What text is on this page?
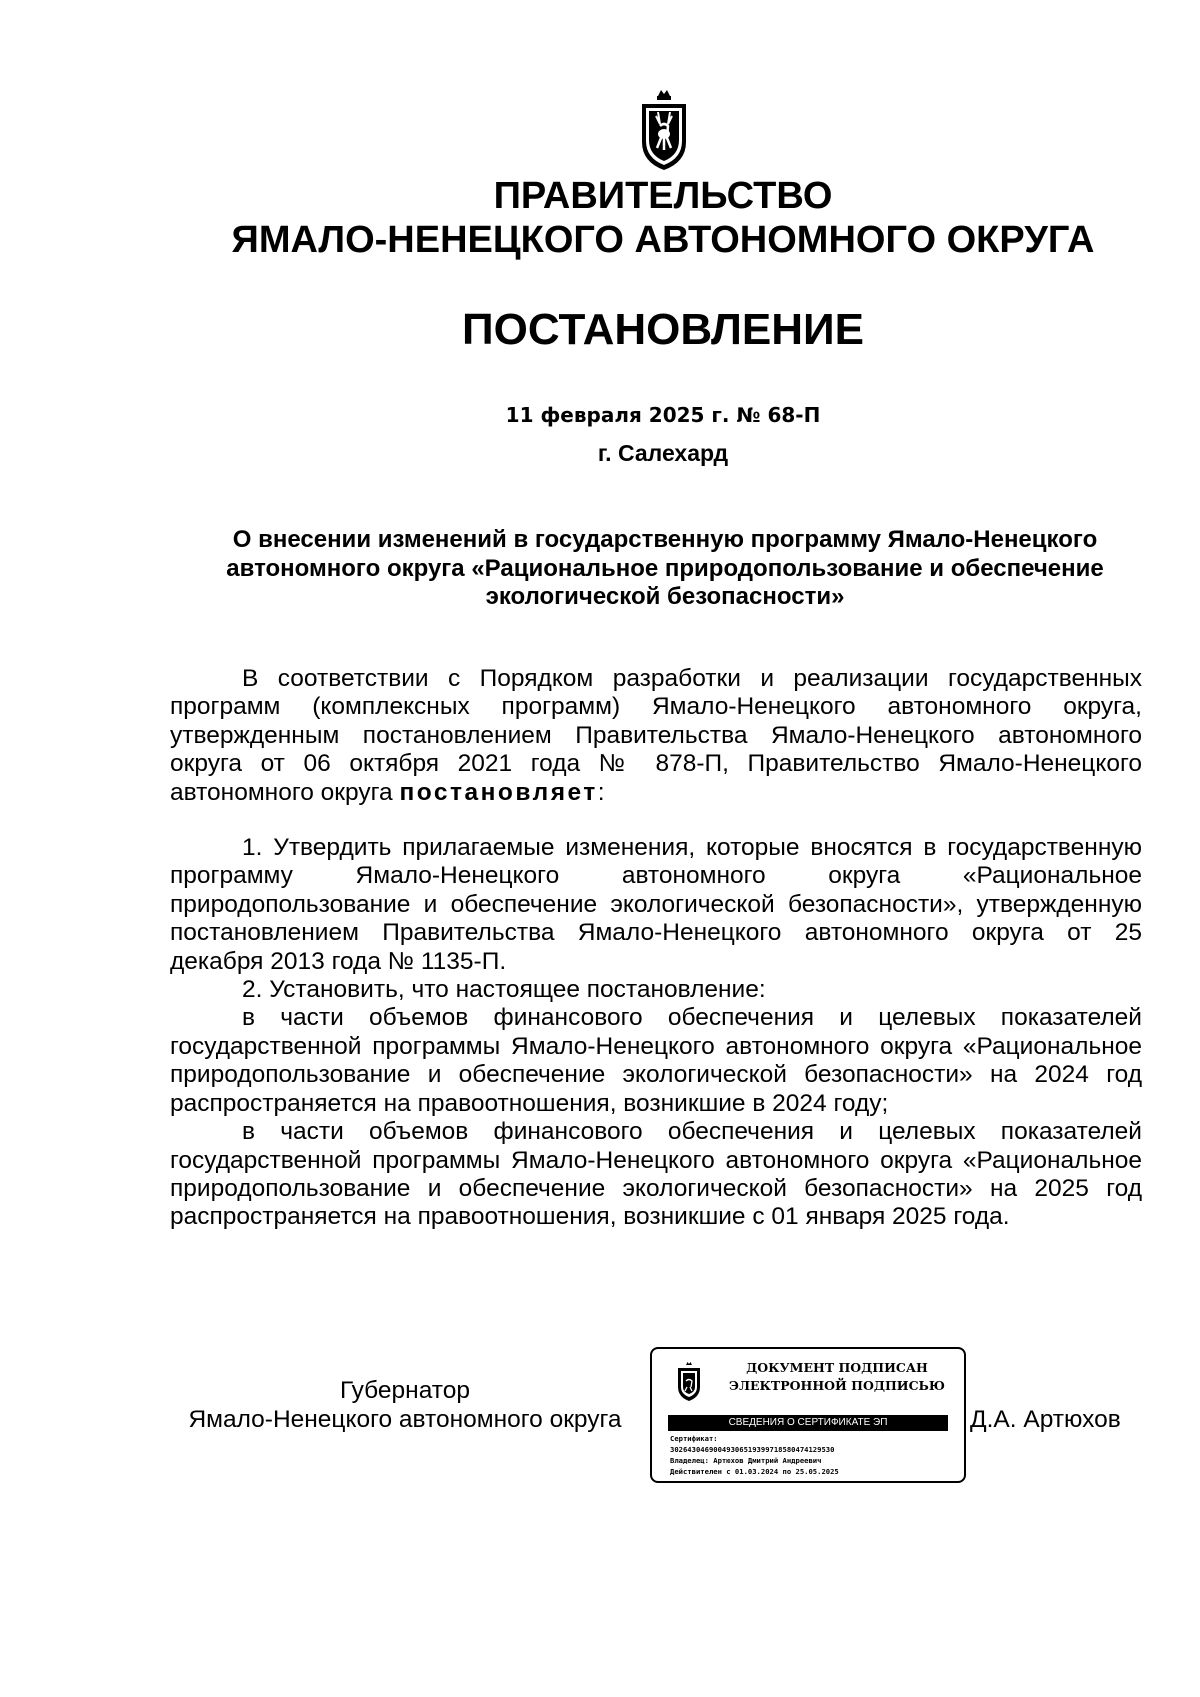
ПРАВИТЕЛЬСТВО
ЯМАЛО-НЕНЕЦКОГО АВТОНОМНОГО ОКРУГА
ПОСТАНОВЛЕНИЕ
11 февраля 2025 г. № 68-П
г. Салехард
О внесении изменений в государственную программу Ямало-Ненецкого автономного округа «Рациональное природопользование и обеспечение экологической безопасности»

В соответствии с Порядком разработки и реализации государственных программ (комплексных программ) Ямало-Ненецкого автономного округа, утвержденным постановлением Правительства Ямало-Ненецкого автономного округа от 06 октября 2021 года № 878-П, Правительство Ямало-Ненецкого автономного округа постановляет:

1. Утвердить прилагаемые изменения, которые вносятся в государственную программу Ямало-Ненецкого автономного округа «Рациональное природопользование и обеспечение экологической безопасности», утвержденную постановлением Правительства Ямало-Ненецкого автономного округа от 25 декабря 2013 года № 1135-П.

2. Установить, что настоящее постановление:

в части объемов финансового обеспечения и целевых показателей государственной программы Ямало-Ненецкого автономного округа «Рациональное природопользование и обеспечение экологической безопасности» на 2024 год распространяется на правоотношения, возникшие в 2024 году;

в части объемов финансового обеспечения и целевых показателей государственной программы Ямало-Ненецкого автономного округа «Рациональное природопользование и обеспечение экологической безопасности» на 2025 год распространяется на правоотношения, возникшие с 01 января 2025 года.

Губернатор
Ямало-Ненецкого автономного округа
ДОКУМЕНТ ПОДПИСАН
ЭЛЕКТРОННОЙ ПОДПИСЬЮ
СВЕДЕНИЯ О СЕРТИФИКАТЕ ЭП
Сертификат:
30264304690049306519399718580474129530
Владелец: Артюхов Дмитрий Андреевич
Действителен с 01.03.2024 по 25.05.2025
Д.А. Артюхов
